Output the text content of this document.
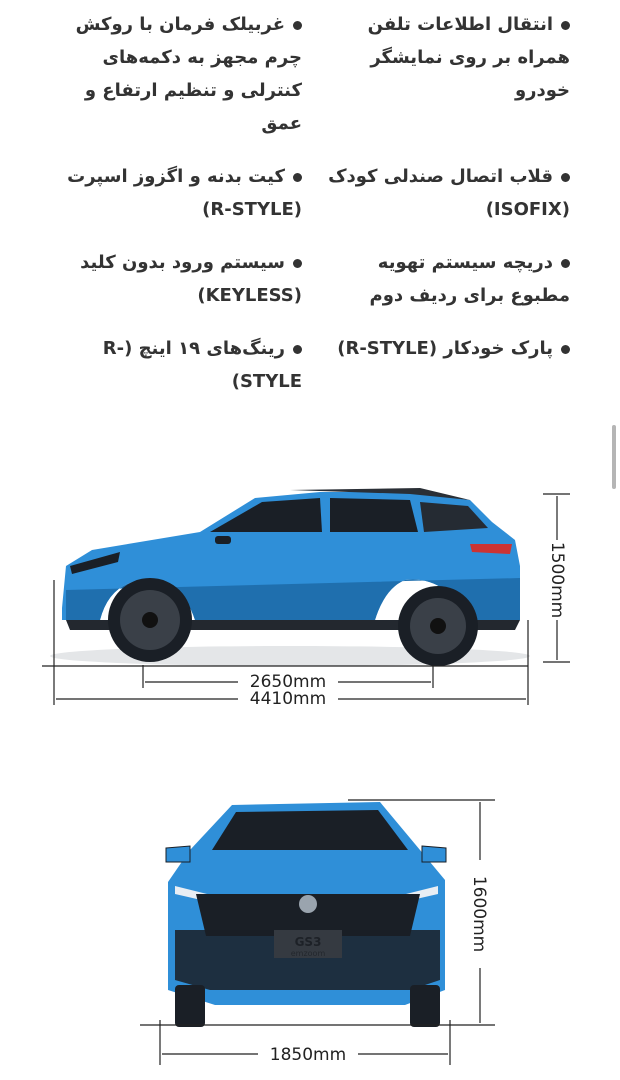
انتقال اطلاعات تلفن همراه بر روی نمایشگر خودرو
غربیلک فرمان با روکش چرم مجهز به دکمه‌های کنترلی و تنظیم ارتفاع و عمق
قلاب اتصال صندلی کودک (ISOFIX)
کیت بدنه و اگزوز اسپرت (R-STYLE)
دریچه سیستم تهویه مطبوع برای ردیف دوم
سیستم ورود بدون کلید (KEYLESS)
پارک خودکار (R-STYLE)
رینگ‌های ۱۹ اینچ (R-STYLE)
2650mm
4410mm
1500mm
1600mm
1850mm
